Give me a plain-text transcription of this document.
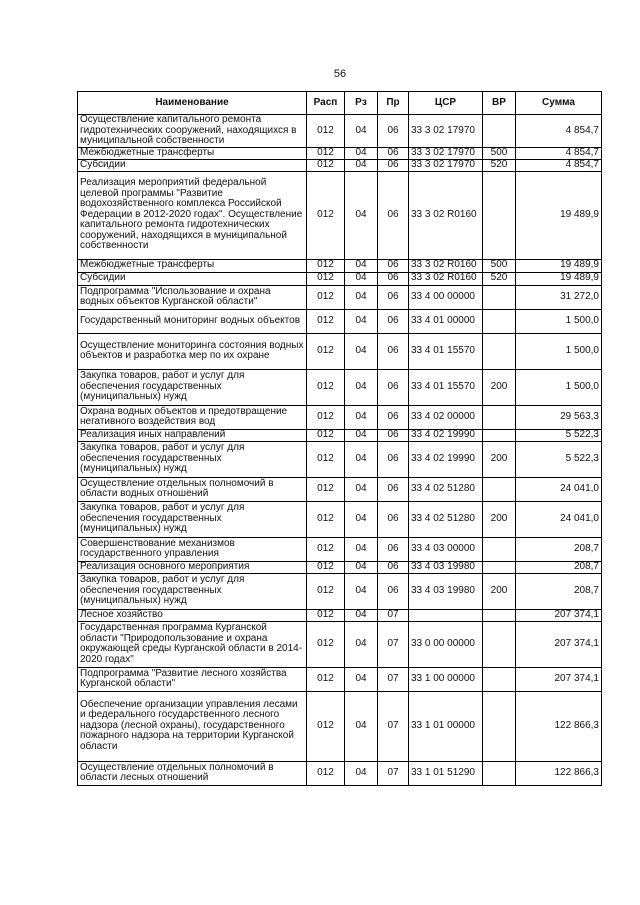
56
Наименование	Расп	Рз	Пр	ЦСР	ВР	Сумма
Осуществление капитального ремонта гидротехнических сооружений, находящихся в муниципальной собственности	012	04	06	33 3 02 17970		4 854,7
Межбюджетные трансферты	012	04	06	33 3 02 17970	500	4 854,7
Субсидии	012	04	06	33 3 02 17970	520	4 854,7
Реализация мероприятий федеральной целевой программы "Развитие водохозяйственного комплекса Российской Федерации в 2012-2020 годах". Осуществление капитального ремонта гидротехнических сооружений, находящихся в муниципальной собственности	012	04	06	33 3 02 R0160		19 489,9
Межбюджетные трансферты	012	04	06	33 3 02 R0160	500	19 489,9
Субсидии	012	04	06	33 3 02 R0160	520	19 489,9
Подпрограмма "Использование и охрана водных объектов Курганской области"	012	04	06	33 4 00 00000		31 272,0
Государственный мониторинг водных объектов	012	04	06	33 4 01 00000		1 500,0
Осуществление мониторинга состояния водных объектов и разработка мер по их охране	012	04	06	33 4 01 15570		1 500,0
Закупка товаров, работ и услуг для обеспечения государственных (муниципальных) нужд	012	04	06	33 4 01 15570	200	1 500,0
Охрана водных объектов и предотвращение негативного воздействия вод	012	04	06	33 4 02 00000		29 563,3
Реализация иных направлений	012	04	06	33 4 02 19990		5 522,3
Закупка товаров, работ и услуг для обеспечения государственных (муниципальных) нужд	012	04	06	33 4 02 19990	200	5 522,3
Осуществление отдельных полномочий в области водных отношений	012	04	06	33 4 02 51280		24 041,0
Закупка товаров, работ и услуг для обеспечения государственных (муниципальных) нужд	012	04	06	33 4 02 51280	200	24 041,0
Совершенствование механизмов государственного управления	012	04	06	33 4 03 00000		208,7
Реализация основного мероприятия	012	04	06	33 4 03 19980		208,7
Закупка товаров, работ и услуг для обеспечения государственных (муниципальных) нужд	012	04	06	33 4 03 19980	200	208,7
Лесное хозяйство	012	04	07			207 374,1
Государственная программа Курганской области "Природопользование и охрана окружающей среды Курганской области в 2014-2020 годах"	012	04	07	33 0 00 00000		207 374,1
Подпрограмма "Развитие лесного хозяйства Курганской области"	012	04	07	33 1 00 00000		207 374,1
Обеспечение организации управления лесами и федерального государственного лесного надзора (лесной охраны), государственного пожарного надзора на территории Курганской области	012	04	07	33 1 01 00000		122 866,3
Осуществление отдельных полномочий в области лесных отношений	012	04	07	33 1 01 51290		122 866,3
